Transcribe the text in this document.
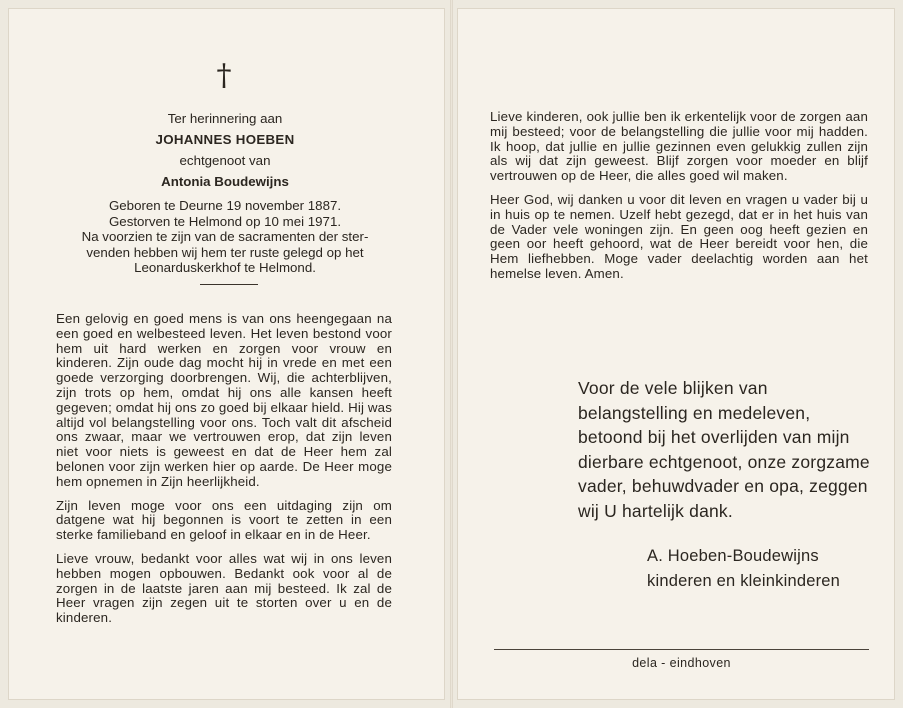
†
Ter herinnering aan
JOHANNES HOEBEN
echtgenoot van
Antonia Boudewijns
Geboren te Deurne 19 november 1887.
Gestorven te Helmond op 10 mei 1971.
Na voorzien te zijn van de sacramenten der ster-
venden hebben wij hem ter ruste gelegd op het
Leonarduskerkhof te Helmond.

Een gelovig en goed mens is van ons heengegaan na een goed en welbesteed leven. Het leven bestond voor hem uit hard werken en zorgen voor vrouw en kinderen. Zijn oude dag mocht hij in vrede en met een goede verzorging doorbrengen. Wij, die achterblijven, zijn trots op hem, omdat hij ons alle kansen heeft gegeven; omdat hij ons zo goed bij elkaar hield. Hij was altijd vol belangstelling voor ons. Toch valt dit afscheid ons zwaar, maar we vertrouwen erop, dat zijn leven niet voor niets is geweest en dat de Heer hem zal belonen voor zijn werken hier op aarde. De Heer moge hem opnemen in Zijn heerlijkheid.

Zijn leven moge voor ons een uitdaging zijn om datgene wat hij begonnen is voort te zetten in een sterke familieband en geloof in elkaar en in de Heer.

Lieve vrouw, bedankt voor alles wat wij in ons leven hebben mogen opbouwen. Bedankt ook voor al de zorgen in de laatste jaren aan mij besteed. Ik zal de Heer vragen zijn zegen uit te storten over u en de kinderen.

Lieve kinderen, ook jullie ben ik erkentelijk voor de zorgen aan mij besteed; voor de belangstelling die jullie voor mij hadden. Ik hoop, dat jullie en jullie gezinnen even gelukkig zullen zijn als wij dat zijn geweest. Blijf zorgen voor moeder en blijf vertrouwen op de Heer, die alles goed wil maken.

Heer God, wij danken u voor dit leven en vragen u vader bij u in huis op te nemen. Uzelf hebt gezegd, dat er in het huis van de Vader vele woningen zijn. En geen oog heeft gezien en geen oor heeft gehoord, wat de Heer bereidt voor hen, die Hem liefhebben. Moge vader deelachtig worden aan het hemelse leven. Amen.

Voor de vele blijken van belangstelling en medeleven, betoond bij het overlijden van mijn dierbare echtgenoot, onze zorgzame vader, behuwdvader en opa, zeggen wij U hartelijk dank.
A. Hoeben-Boudewijns
kinderen en kleinkinderen
dela - eindhoven
